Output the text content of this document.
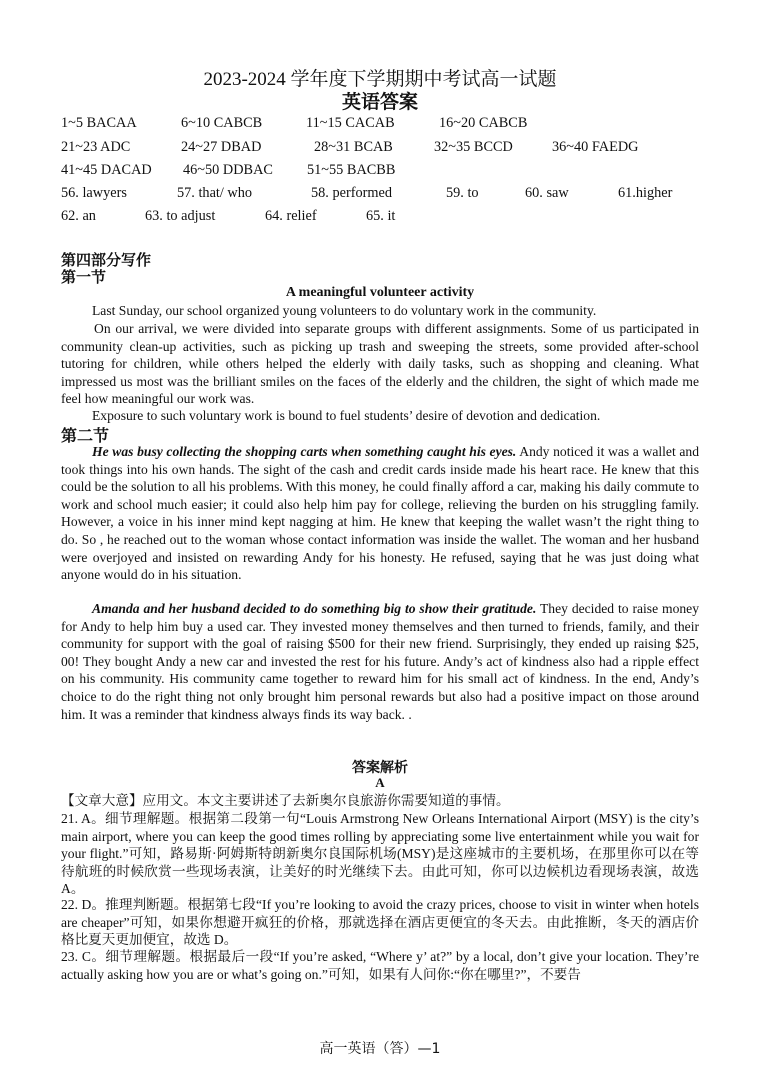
2023-2024 学年度下学期期中考试高一试题
英语答案
1~5 BACAA	6~10 CABCB	11~15 CACAB	16~20 CABCB
21~23 ADC	24~27 DBAD	28~31 BCAB	32~35 BCCD	36~40 FAEDG
41~45 DACAD 46~50 DDBAC 51~55 BACBB
56. lawyers	57. that/ who	58. performed	59. to	60. saw	61.higher
62. an	63. to adjust	64. relief	65. it
第四部分写作
第一节
A meaningful volunteer activity

Last Sunday, our school organized young volunteers to do voluntary work in the community.

On our arrival, we were divided into separate groups with different assignments. Some of us participated in community clean-up activities, such as picking up trash and sweeping the streets, some provided after-school tutoring for children, while others helped the elderly with daily tasks, such as shopping and cleaning. What impressed us most was the brilliant smiles on the faces of the elderly and the children, the sight of which made me feel how meaningful our work was.

Exposure to such voluntary work is bound to fuel students’ desire of devotion and dedication.

第二节

He was busy collecting the shopping carts when something caught his eyes. Andy noticed it was a wallet and took things into his own hands. The sight of the cash and credit cards inside made his heart race. He knew that this could be the solution to all his problems. With this money, he could finally afford a car, making his daily commute to work and school much easier; it could also help him pay for college, relieving the burden on his struggling family. However, a voice in his inner mind kept nagging at him. He knew that keeping the wallet wasn’t the right thing to do. So , he reached out to the woman whose contact information was inside the wallet. The woman and her husband were overjoyed and insisted on rewarding Andy for his honesty. He refused, saying that he was just doing what anyone would do in his situation.

Amanda and her husband decided to do something big to show their gratitude. They decided to raise money for Andy to help him buy a used car. They invested money themselves and then turned to friends, family, and their community for support with the goal of raising $500 for their new friend. Surprisingly, they ended up raising $25, 00! They bought Andy a new car and invested the rest for his future. Andy’s act of kindness also had a ripple effect on his community. His community came together to reward him for his small act of kindness. In the end, Andy’s choice to do the right thing not only brought him personal rewards but also had a positive impact on those around him. It was a reminder that kindness always finds its way back. .

答案解析
A

【文章大意】应用文。本文主要讲述了去新奥尔良旅游你需要知道的事情。

21. A。细节理解题。根据第二段第一句“Louis Armstrong New Orleans International Airport (MSY) is the city’s main airport, where you can keep the good times rolling by appreciating some live entertainment while you wait for your flight.”可知，路易斯·阿姆斯特朗新奥尔良国际机场(MSY)是这座城市的主要机场，在那里你可以在等待航班的时候欣赏一些现场表演，让美好的时光继续下去。由此可知，你可以边候机边看现场表演，故选 A。

22. D。推理判断题。根据第七段“If you’re looking to avoid the crazy prices, choose to visit in winter when hotels are cheaper”可知，如果你想避开疯狂的价格，那就选择在酒店更便宜的冬天去。由此推断，冬天的酒店价格比夏天更加便宜，故选 D。

23. C。细节理解题。根据最后一段“If you’re asked, “Where y’ at?” by a local, don’t give your location. They’re actually asking how you are or what’s going on.”可知，如果有人问你:“你在哪里?”，不要告

高一英语（答）—1
